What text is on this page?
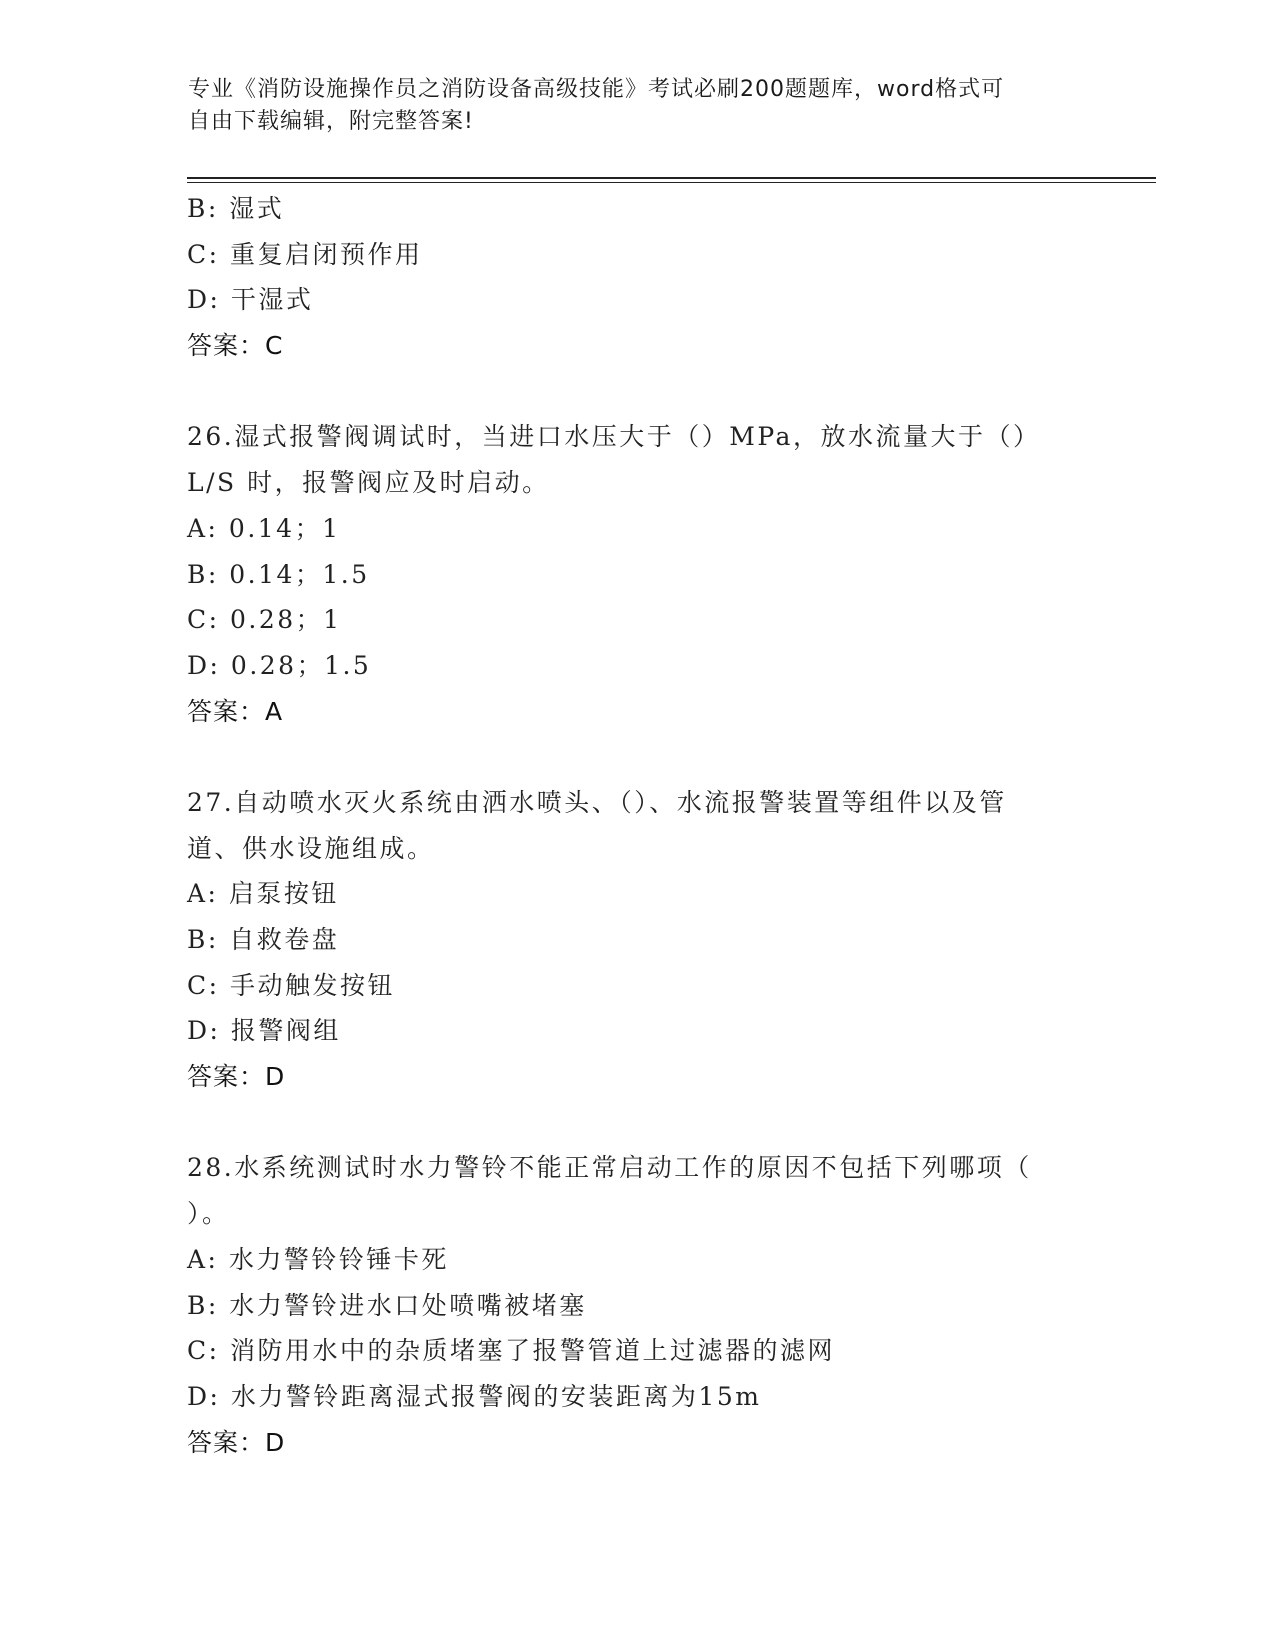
专业《消防设施操作员之消防设备高级技能》考试必刷200题题库，word格式可
自由下载编辑，附完整答案!
B: 湿式
C: 重复启闭预作用
D: 干湿式
答案：C
26.湿式报警阀调试时，当进口水压大于（）MPa，放水流量大于（）
L/S 时，报警阀应及时启动。
A: 0.14；1
B: 0.14；1.5
C: 0.28；1
D: 0.28；1.5
答案：A
27.自动喷水灭火系统由洒水喷头、（）、水流报警装置等组件以及管
道、供水设施组成。
A: 启泵按钮
B: 自救卷盘
C: 手动触发按钮
D: 报警阀组
答案：D
28.水系统测试时水力警铃不能正常启动工作的原因不包括下列哪项（
）。
A: 水力警铃铃锤卡死
B: 水力警铃进水口处喷嘴被堵塞
C: 消防用水中的杂质堵塞了报警管道上过滤器的滤网
D: 水力警铃距离湿式报警阀的安装距离为15m
答案：D
